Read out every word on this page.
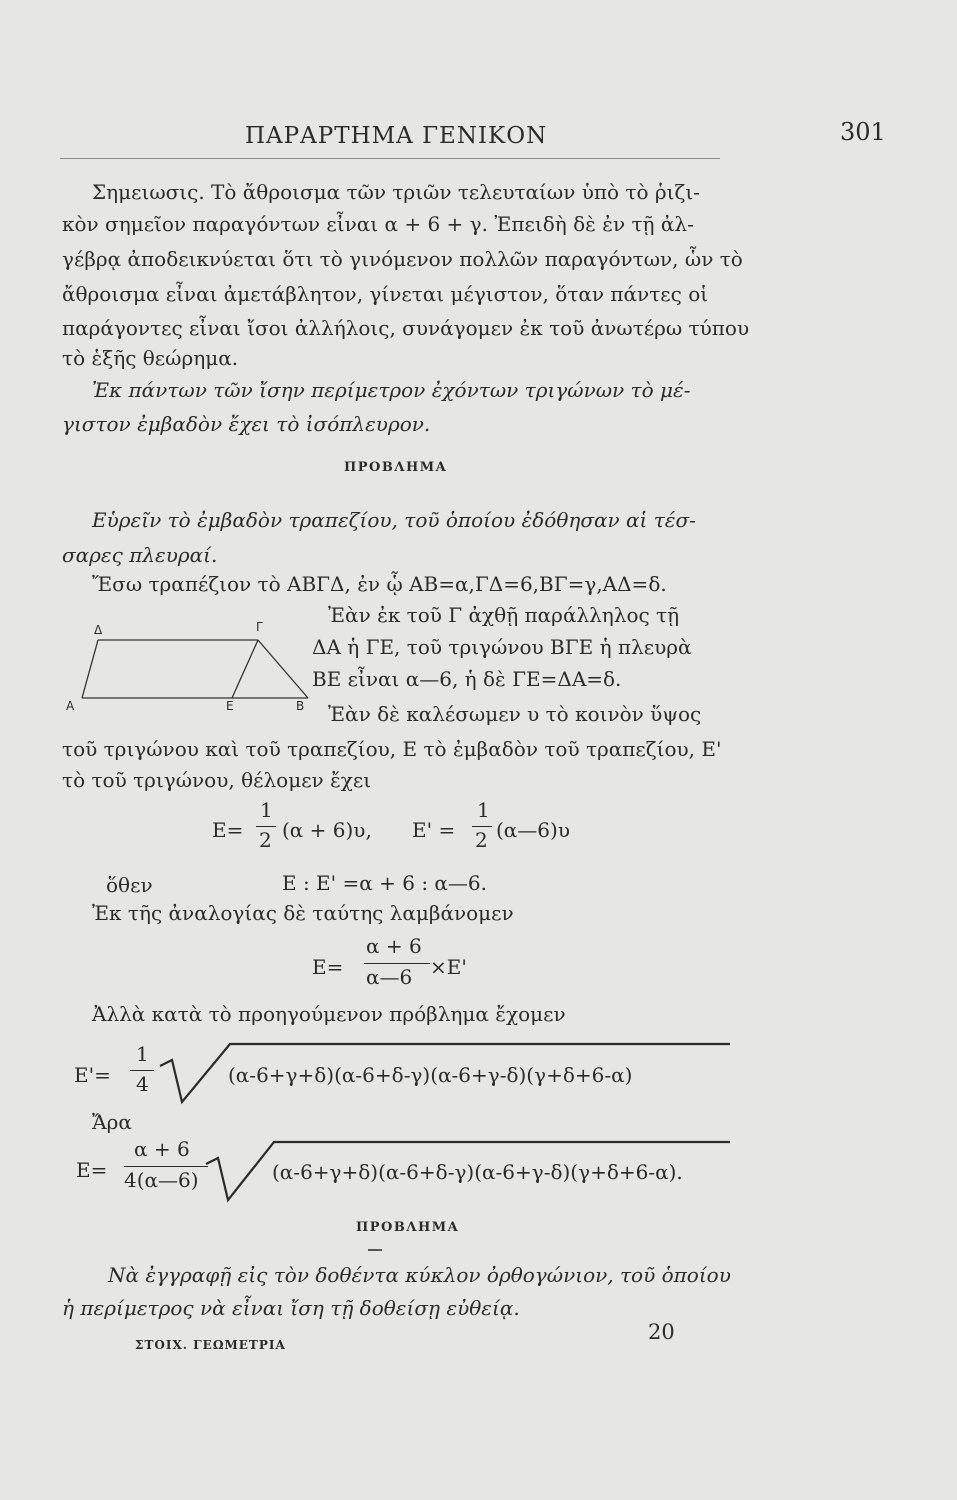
ΠΑΡΑΡΤΗΜΑ ΓΕΝΙΚΟΝ	301
Σημειωσις. Τὸ ἄθροισμα τῶν τριῶν τελευταίων ὑπὸ τὸ ῥιζι-
κὸν σημεῖον παραγόντων εἶναι α + 6 + γ. Ἐπειδὴ δὲ ἐν τῇ ἀλ-
γέβρᾳ ἀποδεικνύεται ὅτι τὸ γινόμενον πολλῶν παραγόντων, ὧν τὸ
ἄθροισμα εἶναι ἀμετάβλητον, γίνεται μέγιστον, ὅταν πάντες οἱ
παράγοντες εἶναι ἴσοι ἀλλήλοις, συνάγομεν ἐκ τοῦ ἀνωτέρω τύπου
τὸ ἑξῆς θεώρημα.
Ἐκ πάντων τῶν ἴσην περίμετρον ἐχόντων τριγώνων τὸ μέ-
γιστον ἐμβαδὸν ἔχει τὸ ἰσόπλευρον.
ΠΡΟΒΛΗΜΑ
Εὑρεῖν τὸ ἐμβαδὸν τραπεζίου, τοῦ ὁποίου ἐδόθησαν αἱ τέσ-
σαρες πλευραί.
Ἔσω τραπέζιον τὸ ΑΒΓΔ, ἐν ᾧ ΑΒ=α,ΓΔ=6,ΒΓ=γ,ΑΔ=δ.
Ἐὰν ἐκ τοῦ Γ ἀχθῇ παράλληλος τῇ
ΔΑ ἡ ΓΕ, τοῦ τριγώνου ΒΓΕ ἡ πλευρὰ
ΒΕ εἶναι α—6, ἡ δὲ ΓΕ=ΔΑ=δ.
Ἐὰν δὲ καλέσωμεν υ τὸ κοινὸν ὕψος
τοῦ τριγώνου καὶ τοῦ τραπεζίου, Ε τὸ ἐμβαδὸν τοῦ τραπεζίου, Ε'
τὸ τοῦ τριγώνου, θέλομεν ἔχει
Δ	Γ
Α	Ε	Β
Ε=
1
2 (α + 6)υ, Ε' =
1
2 (α—6)υ
ὅθεν	Ε : Ε' =α + 6 : α—6.
Ἐκ τῆς ἀναλογίας δὲ ταύτης λαμβάνομεν
Ε=
α + 6
α—6 ×Ε'
Ἀλλὰ κατὰ τὸ προηγούμενον πρόβλημα ἔχομεν
Ε'=
1
4	(α-6+γ+δ)(α-6+δ-γ)(α-6+γ-δ)(γ+δ+6-α)
Ἄρα
Ε=
α + 6
4(α—6)	(α-6+γ+δ)(α-6+δ-γ)(α-6+γ-δ)(γ+δ+6-α).
ΠΡΟΒΛΗΜΑ
Νὰ ἐγγραφῇ εἰς τὸν δοθέντα κύκλον ὀρθογώνιον, τοῦ ὁποίου
ἡ περίμετρος νὰ εἶναι ἴση τῇ δοθείσῃ εὐθείᾳ.
ΣΤΟΙΧ. ΓΕΩΜΕΤΡΙΑ
20
